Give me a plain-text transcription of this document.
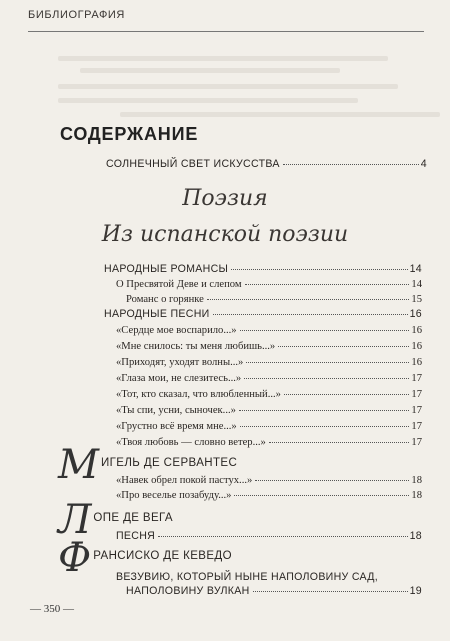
БИБЛИОГРАФИЯ
СОДЕРЖАНИЕ
СОЛНЕЧНЫЙ СВЕТ ИСКУССТВА	4
Поэзия
Из испанской поэзии
НАРОДНЫЕ РОМАНСЫ	14
О Пресвятой Деве и слепом	14
Романс о горянке	15
НАРОДНЫЕ ПЕСНИ	16
«Сердце мое воспарило...»	16
«Мне снилось: ты меня любишь...»	16
«Приходят, уходят волны...»	16
«Глаза мои, не слезитесь...»	17
«Тот, кто сказал, что влюбленный...»	17
«Ты спи, усни, сыночек...»	17
«Грустно всё время мне...»	17
«Твоя любовь — словно ветер...»	17
М ИГЕЛЬ ДЕ СЕРВАНТЕС
«Навек обрел покой пастух...»	18
«Про веселье позабуду...»	18
Л ОПЕ ДЕ ВЕГА
ПЕСНЯ	18
Ф РАНСИСКО ДЕ КЕВЕДО
ВЕЗУВИЮ, КОТОРЫЙ НЫНЕ НАПОЛОВИНУ САД,
НАПОЛОВИНУ ВУЛКАН	19
— 350 —
